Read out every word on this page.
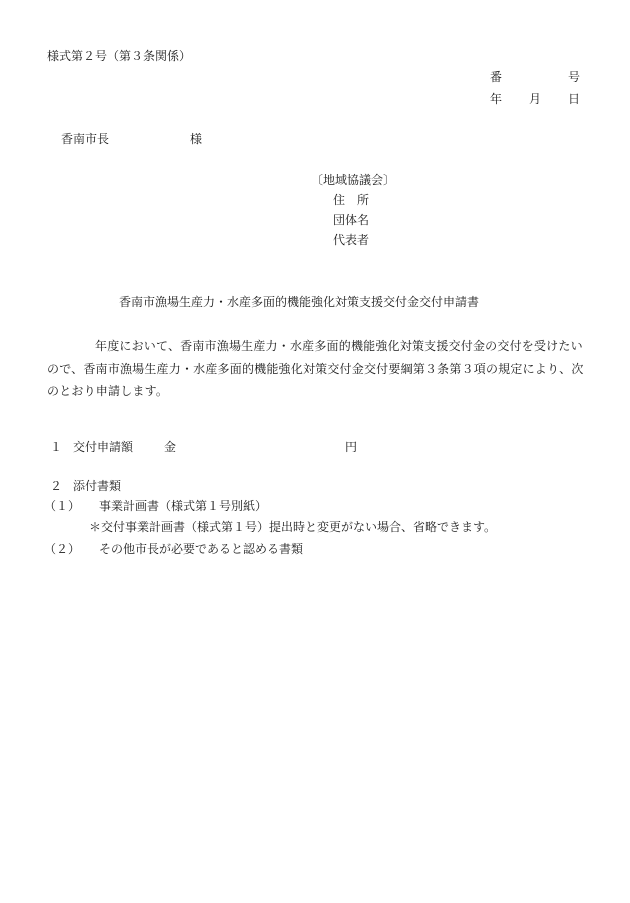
様式第２号（第３条関係）
番	号
年 月 日
香南市長	様
〔地域協議会〕
住　所
団体名
代表者
香南市漁場生産力・水産多面的機能強化対策支援交付金交付申請書
年度において、香南市漁場生産力・水産多面的機能強化対策支援交付金の交付を受けたいので、香南市漁場生産力・水産多面的機能強化対策交付金交付要綱第３条第３項の規定により、次のとおり申請します。
１ 交付申請額	金	円
２ 添付書類
（１） 事業計画書（様式第１号別紙）
＊交付事業計画書（様式第１号）提出時と変更がない場合、省略できます。
（２） その他市長が必要であると認める書類
